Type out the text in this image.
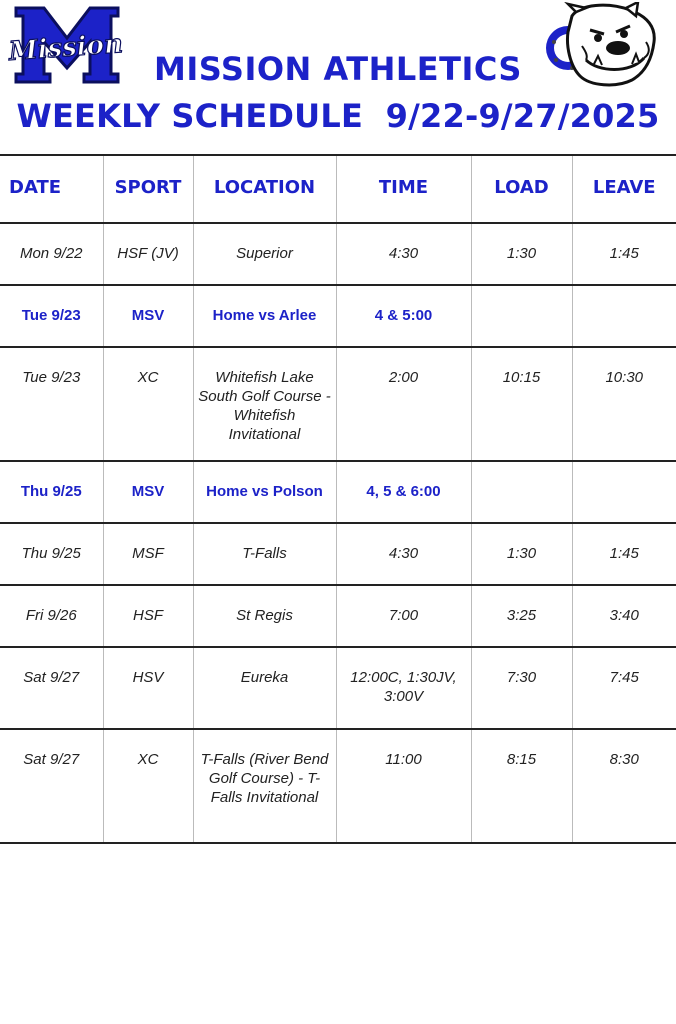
Mission
MISSION ATHLETICS
WEEKLY SCHEDULE  9/22-9/27/2025
DATE	SPORT	LOCATION	TIME	LOAD	LEAVE
Mon 9/22	HSF (JV)	Superior	4:30	1:30	1:45
Tue 9/23	MSV	Home vs Arlee	4 & 5:00		
Tue 9/23	XC	Whitefish Lake South Golf Course - Whitefish Invitational	2:00	10:15	10:30
Thu 9/25	MSV	Home vs Polson	4, 5 & 6:00		
Thu 9/25	MSF	T-Falls	4:30	1:30	1:45
Fri 9/26	HSF	St Regis	7:00	3:25	3:40
Sat 9/27	HSV	Eureka	12:00C, 1:30JV, 3:00V	7:30	7:45
Sat 9/27	XC	T-Falls (River Bend Golf Course) - T-Falls Invitational	11:00	8:15	8:30
